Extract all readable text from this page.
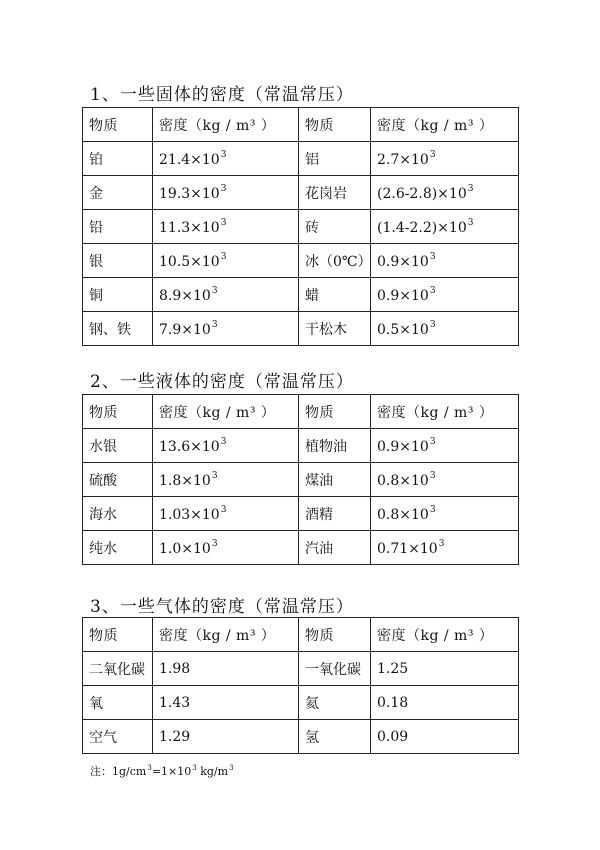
1、一些固体的密度（常温常压）
物质	密度（kg / m³ ）	物质	密度（kg / m³ ）
铂	$21.4\times 10^3$	铝	$2.7\times 10^3$
金	$19.3\times 10^3$	花岗岩	$(2.6-2.8)\times 10^3$
铅	$11.3\times 10^3$	砖	$(1.4-2.2)\times 10^3$
银	$10.5\times 10^3$	冰（0℃）	$0.9\times 10^3$
铜	$8.9\times 10^3$	蜡	$0.9\times 10^3$
钢、铁	$7.9\times 10^3$	干松木	$0.5\times 10^3$
2、一些液体的密度（常温常压）
物质	密度（kg / m³ ）	物质	密度（kg / m³ ）
水银	$13.6\times 10^3$	植物油	$0.9\times 10^3$
硫酸	$1.8\times 10^3$	煤油	$0.8\times 10^3$
海水	$1.03\times 10^3$	酒精	$0.8\times 10^3$
纯水	$1.0\times 10^3$	汽油	$0.71\times 10^3$
3、一些气体的密度（常温常压）
物质	密度（kg / m³ ）	物质	密度（kg / m³ ）
二氧化碳	1.98	一氧化碳	1.25
氧	1.43	氦	0.18
空气	1.29	氢	0.09

注：$1g/cm^3=1\times 10^3$ $kg/m^3$
